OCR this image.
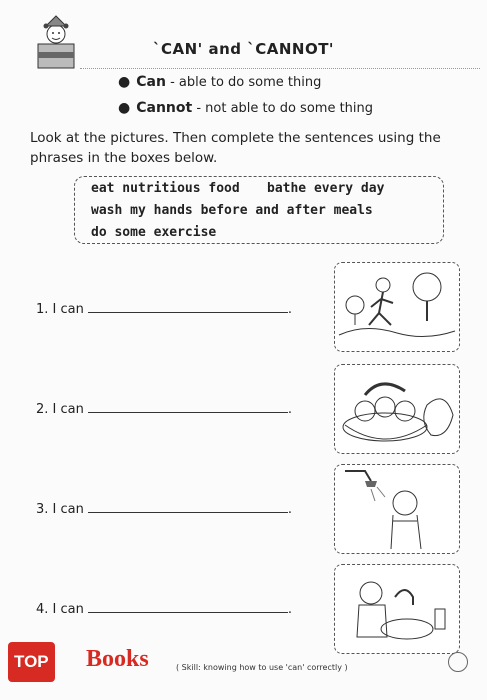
`CAN' and `CANNOT'
● Can - able to do some thing
● Cannot - not able to do some thing
Look at the pictures. Then complete the sentences using the phrases in the boxes below.
eat nutritious food bathe every day
wash my hands before and after meals
do some exercise
1. I can	.
2. I can	.
3. I can	.
4. I can	.
TOP Books	( Skill: knowing how to use 'can' correctly )
